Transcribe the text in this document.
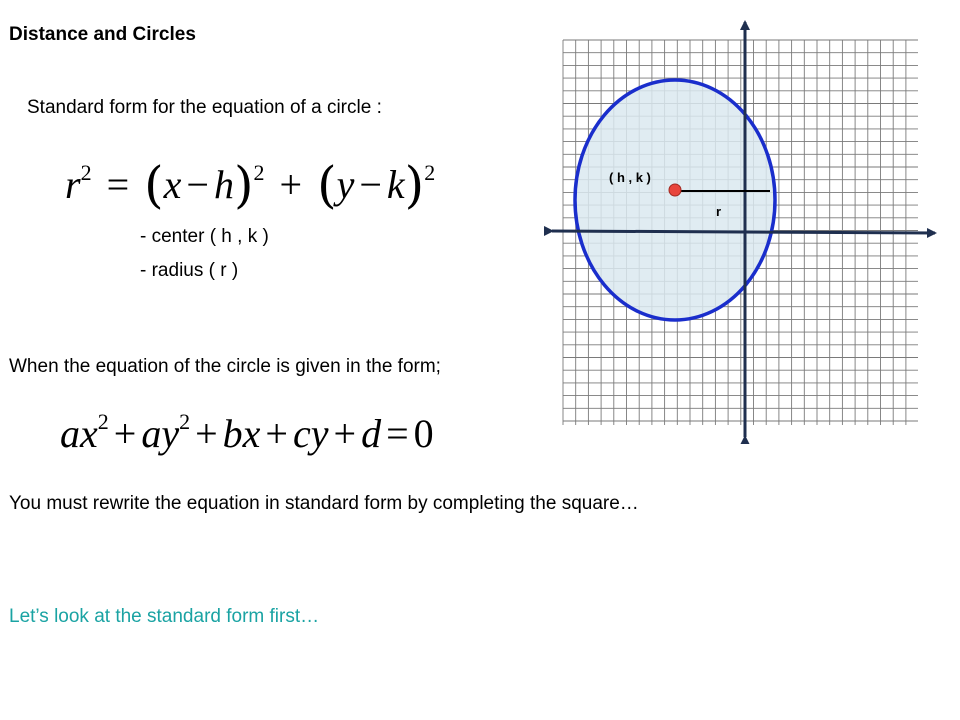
Distance and Circles
Standard form for the equation of a circle :
$r^2 = (x - h)^2 + (y - k)^2$
- center ( h , k )
- radius ( r )
When the equation of the circle is given in the form;
$ax^2 + ay^2$ + bx + cy + d = 0
You must rewrite the equation in standard form by completing the square…
Let’s look at the standard form first…
( h , k )
r
